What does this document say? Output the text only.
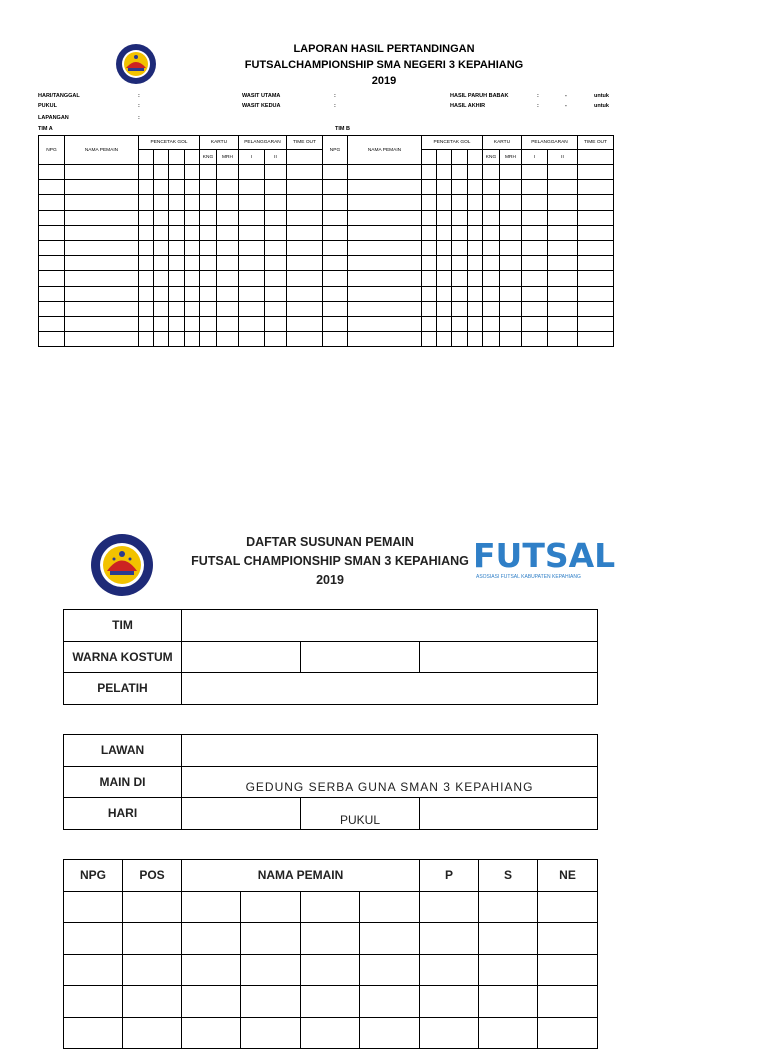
LAPORAN HASIL PERTANDINGAN
FUTSALCHAMPIONSHIP SMA NEGERI 3 KEPAHIANG
2019
HARI/TANGGAL	:
PUKUL	:
LAPANGAN	:
WASIT UTAMA	:
WASIT KEDUA	:
HASIL PARUH BABAK	:	-	untuk
HASIL AKHIR	:	-	untuk
TIM A	TIM B
NPG	NAMA PEMAIN	PENCETAK GOL				KARTU		PELANGGARAN		TIME OUT	NPG	NAMA PEMAIN	PENCETAK GOL				KARTU		PELANGGARAN		TIME OUT
						KNG	MRH	I	II								KNG	MRH	I	II	

DAFTAR SUSUNAN PEMAIN
FUTSAL CHAMPIONSHIP SMAN 3 KEPAHIANG
2019
FUTSAL
ASOSIASI FUTSAL KABUPATEN KEPAHIANG
TIM			
WARNA KOSTUM			
PELATIH			
LAWAN			
MAIN DI	GEDUNG SERBA GUNA SMAN 3 KEPAHIANG		
HARI		PUKUL	
NPG	POS	NAMA PEMAIN				P	S	NE
